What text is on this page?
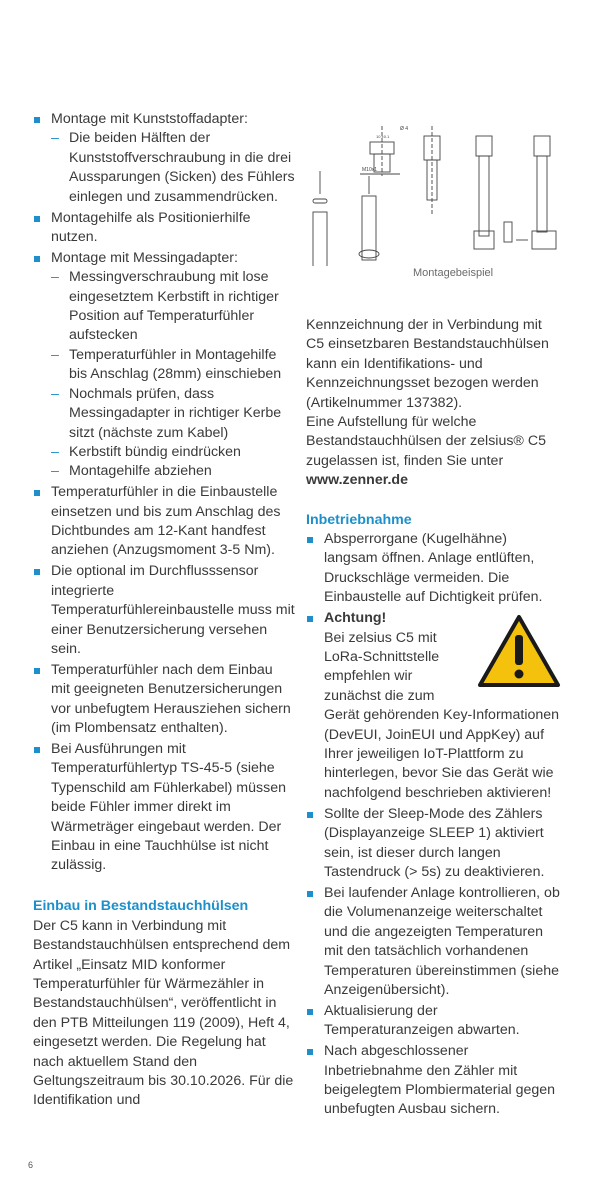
Montage mit Kunststoffadapter:
– Die beiden Hälften der Kunststoffverschraubung in die drei Aussparungen (Sicken) des Fühlers einlegen und zusammendrücken.
Montagehilfe als Positionierhilfe nutzen.
Montage mit Messingadapter:
– Messingverschraubung mit lose eingesetztem Kerbstift in richtiger Position auf Temperaturfühler aufstecken
– Temperaturfühler in Montagehilfe bis Anschlag (28mm) einschieben
– Nochmals prüfen, dass Messingadapter in richtiger Kerbe sitzt (nächste zum Kabel)
– Kerbstift bündig eindrücken
– Montagehilfe abziehen
Temperaturfühler in die Einbaustelle einsetzen und bis zum Anschlag des Dichtbundes am 12-Kant handfest anziehen (Anzugsmoment 3-5 Nm).
Die optional im Durchflusssensor integrierte Temperaturfühlereinbaustelle muss mit einer Benutzersicherung versehen sein.
Temperaturfühler nach dem Einbau mit geeigneten Benutzersicherungen vor unbefugtem Herausziehen sichern (im Plombensatz enthalten).
Bei Ausführungen mit Temperaturfühlertyp TS-45-5 (siehe Typenschild am Fühlerkabel) müssen beide Fühler immer direkt im Wärmeträger eingebaut werden. Der Einbau in eine Tauchhülse ist nicht zulässig.
Einbau in Bestandstauchhülsen

Der C5 kann in Verbindung mit Bestandstauchhülsen entsprechend dem Artikel „Einsatz MID konformer Temperaturfühler für Wärmezähler in Bestandstauchhülsen“, veröffentlicht in den PTB Mitteilungen 119 (2009), Heft 4, eingesetzt werden. Die Regelung hat nach aktuellem Stand den Geltungszeitraum bis 30.10.2026. Für die Identifikation und

M10x1
Ø 4
10 ±0.1
Montagebeispiel

Kennzeichnung der in Verbindung mit C5 einsetzbaren Bestandstauchhülsen kann ein Identifikations- und Kennzeichnungsset bezogen werden (Artikelnummer 137382).

Eine Aufstellung für welche Bestandstauchhülsen der zelsius® C5 zugelassen ist, finden Sie unter

www.zenner.de

Inbetriebnahme
Absperrorgane (Kugelhähne) langsam öffnen. Anlage entlüften, Druckschläge vermeiden. Die Einbaustelle auf Dichtigkeit prüfen.
Achtung!
Bei zelsius C5 mit LoRa-Schnittstelle empfehlen wir zunächst die zum Gerät gehörenden Key-Informationen (DevEUI, JoinEUI und AppKey) auf Ihrer jeweiligen IoT-Plattform zu hinterlegen, bevor Sie das Gerät wie nachfolgend beschrieben aktivieren!
Sollte der Sleep-Mode des Zählers (Displayanzeige SLEEP 1) aktiviert sein, ist dieser durch langen Tastendruck (> 5s) zu deaktivieren.
Bei laufender Anlage kontrollieren, ob die Volumenanzeige weiterschaltet und die angezeigten Temperaturen mit den tatsächlich vorhandenen Temperaturen übereinstimmen (siehe Anzeigenübersicht).
Aktualisierung der Temperaturanzeigen abwarten.
Nach abgeschlossener Inbetriebnahme den Zähler mit beigelegtem Plombiermaterial gegen unbefugten Ausbau sichern.
6
